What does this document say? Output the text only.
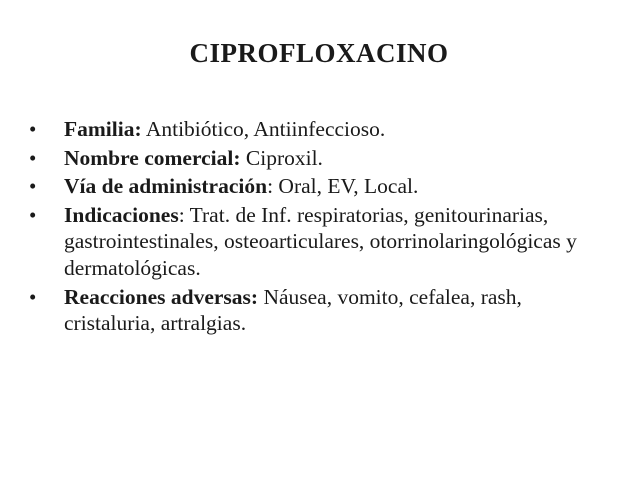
CIPROFLOXACINO
• Familia: Antibiótico, Antiinfeccioso.
• Nombre comercial: Ciproxil.
• Vía de administración: Oral, EV, Local.
• Indicaciones: Trat. de Inf. respiratorias, genitourinarias, gastrointestinales, osteoarticulares, otorrinolaringológicas y dermatológicas.
• Reacciones adversas: Náusea, vomito, cefalea, rash, cristaluria, artralgias.
